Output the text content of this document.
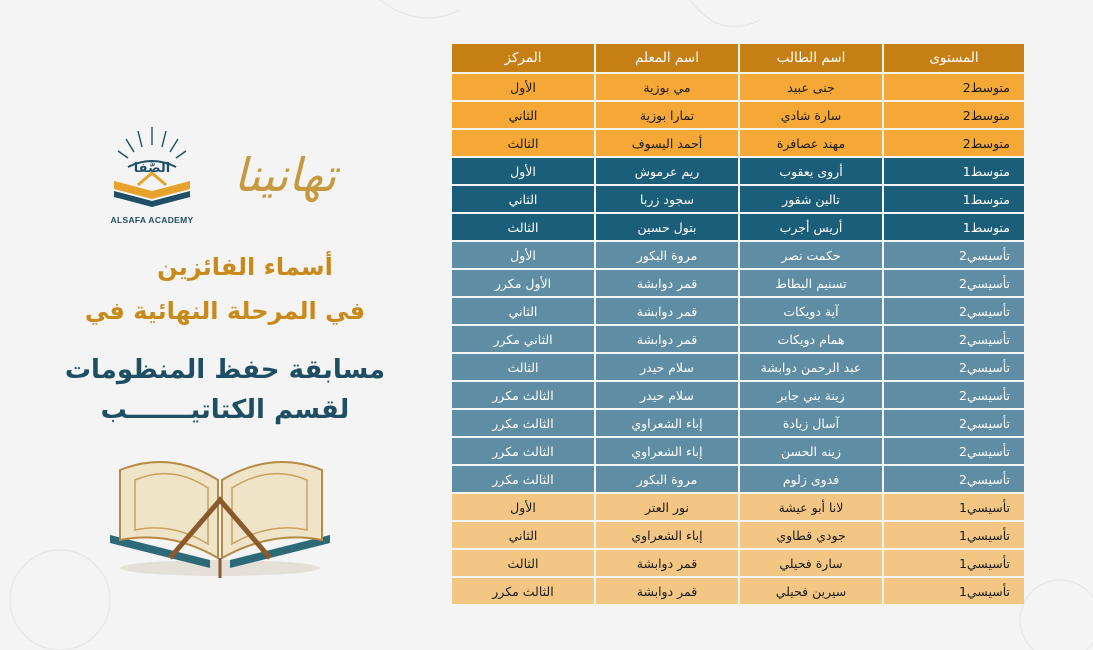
الصَّفا
ALSAFA ACADEMY
تهانينا
أسماء الفائزين
في المرحلة النهائية في
مسابقة حفظ المنظومات
لقسم الكتاتيـــــــب
المستوى	اسم الطالب	اسم المعلم	المركز
متوسط2	جنى عبيد	مي بوزية	الأول
متوسط2	سارة شادي	تمارا بوزية	الثاني
متوسط2	مهند عصافرة	أحمد اليسوف	الثالث
متوسط1	أروى يعقوب	ريم عرموش	الأول
متوسط1	تالين شقور	سجود زربا	الثاني
متوسط1	أريس أجرب	بتول حسين	الثالث
تأسيسي2	حكمت نصر	مروة البكور	الأول
تأسيسي2	تسنيم البطاط	قمر دوابشة	الأول مكرر
تأسيسي2	آية دويكات	قمر دوابشة	الثاني
تأسيسي2	همام دويكات	قمر دوابشة	الثاني مكرر
تأسيسي2	عبد الرحمن دوابشة	سلام حيدر	الثالث
تأسيسي2	زينة بني جابر	سلام حيدر	الثالث مكرر
تأسيسي2	آسال زيادة	إباء الشعراوي	الثالث مكرر
تأسيسي2	زينه الحسن	إباء الشعراوي	الثالث مكرر
تأسيسي2	فدوى زلوم	مروة البكور	الثالث مكرر
تأسيسي1	لانا أبو عيشة	نور العتر	الأول
تأسيسي1	جودي قطاوي	إباء الشعراوي	الثاني
تأسيسي1	سارة فحيلي	قمر دوابشة	الثالث
تأسيسي1	سيرين فحيلي	قمر دوابشة	الثالث مكرر
